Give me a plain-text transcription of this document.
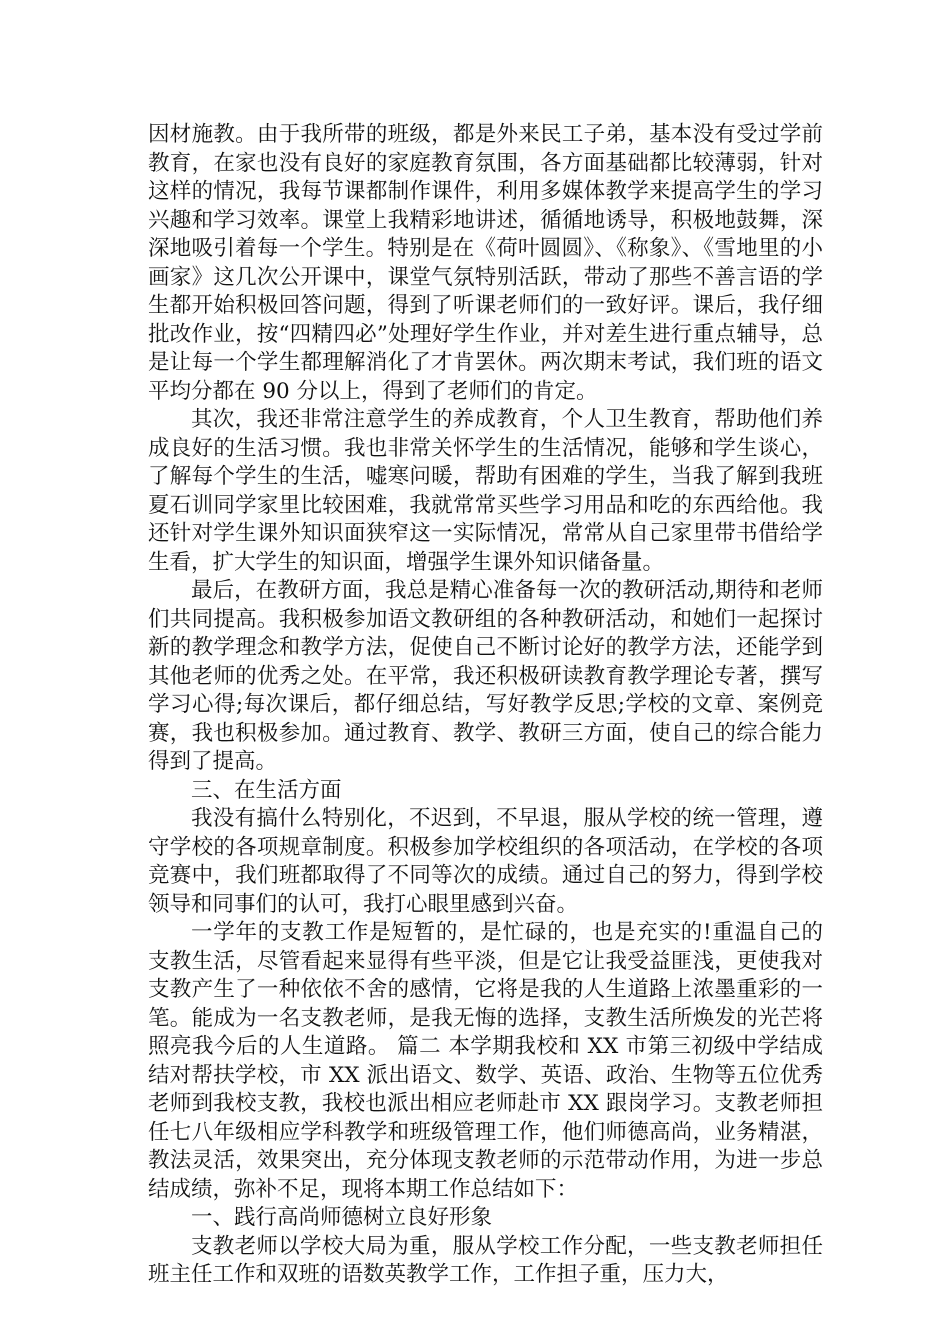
因材施教。由于我所带的班级，都是外来民工子弟，基本没有受过学前教育，在家也没有良好的家庭教育氛围，各方面基础都比较薄弱，针对这样的情况，我每节课都制作课件，利用多媒体教学来提高学生的学习兴趣和学习效率。课堂上我精彩地讲述，循循地诱导，积极地鼓舞，深深地吸引着每一个学生。特别是在《荷叶圆圆》、《称象》、《雪地里的小画家》这几次公开课中，课堂气氛特别活跃，带动了那些不善言语的学生都开始积极回答问题，得到了听课老师们的一致好评。课后，我仔细批改作业，按“四精四必”处理好学生作业，并对差生进行重点辅导，总是让每一个学生都理解消化了才肯罢休。两次期末考试，我们班的语文平均分都在 90 分以上，得到了老师们的肯定。

其次，我还非常注意学生的养成教育，个人卫生教育，帮助他们养成良好的生活习惯。我也非常关怀学生的生活情况，能够和学生谈心，了解每个学生的生活，嘘寒问暖，帮助有困难的学生，当我了解到我班夏石训同学家里比较困难，我就常常买些学习用品和吃的东西给他。我还针对学生课外知识面狭窄这一实际情况，常常从自己家里带书借给学生看，扩大学生的知识面，增强学生课外知识储备量。

最后，在教研方面，我总是精心准备每一次的教研活动,期待和老师们共同提高。我积极参加语文教研组的各种教研活动，和她们一起探讨新的教学理念和教学方法，促使自己不断讨论好的教学方法，还能学到其他老师的优秀之处。在平常，我还积极研读教育教学理论专著，撰写学习心得;每次课后，都仔细总结，写好教学反思;学校的文章、案例竞赛，我也积极参加。通过教育、教学、教研三方面，使自己的综合能力得到了提高。

三、在生活方面

我没有搞什么特别化，不迟到，不早退，服从学校的统一管理，遵守学校的各项规章制度。积极参加学校组织的各项活动，在学校的各项竞赛中，我们班都取得了不同等次的成绩。通过自己的努力，得到学校领导和同事们的认可，我打心眼里感到兴奋。

一学年的支教工作是短暂的，是忙碌的，也是充实的!重温自己的支教生活，尽管看起来显得有些平淡，但是它让我受益匪浅，更使我对支教产生了一种依依不舍的感情，它将是我的人生道路上浓墨重彩的一笔。能成为一名支教老师，是我无悔的选择，支教生活所焕发的光芒将照亮我今后的人生道路。 篇二 本学期我校和 XX 市第三初级中学结成结对帮扶学校，市 XX 派出语文、数学、英语、政治、生物等五位优秀老师到我校支教，我校也派出相应老师赴市 XX 跟岗学习。支教老师担任七八年级相应学科教学和班级管理工作，他们师德高尚，业务精湛，教法灵活，效果突出，充分体现支教老师的示范带动作用，为进一步总结成绩，弥补不足，现将本期工作总结如下：

一、践行高尚师德树立良好形象

支教老师以学校大局为重，服从学校工作分配，一些支教老师担任班主任工作和双班的语数英教学工作，工作担子重，压力大，
